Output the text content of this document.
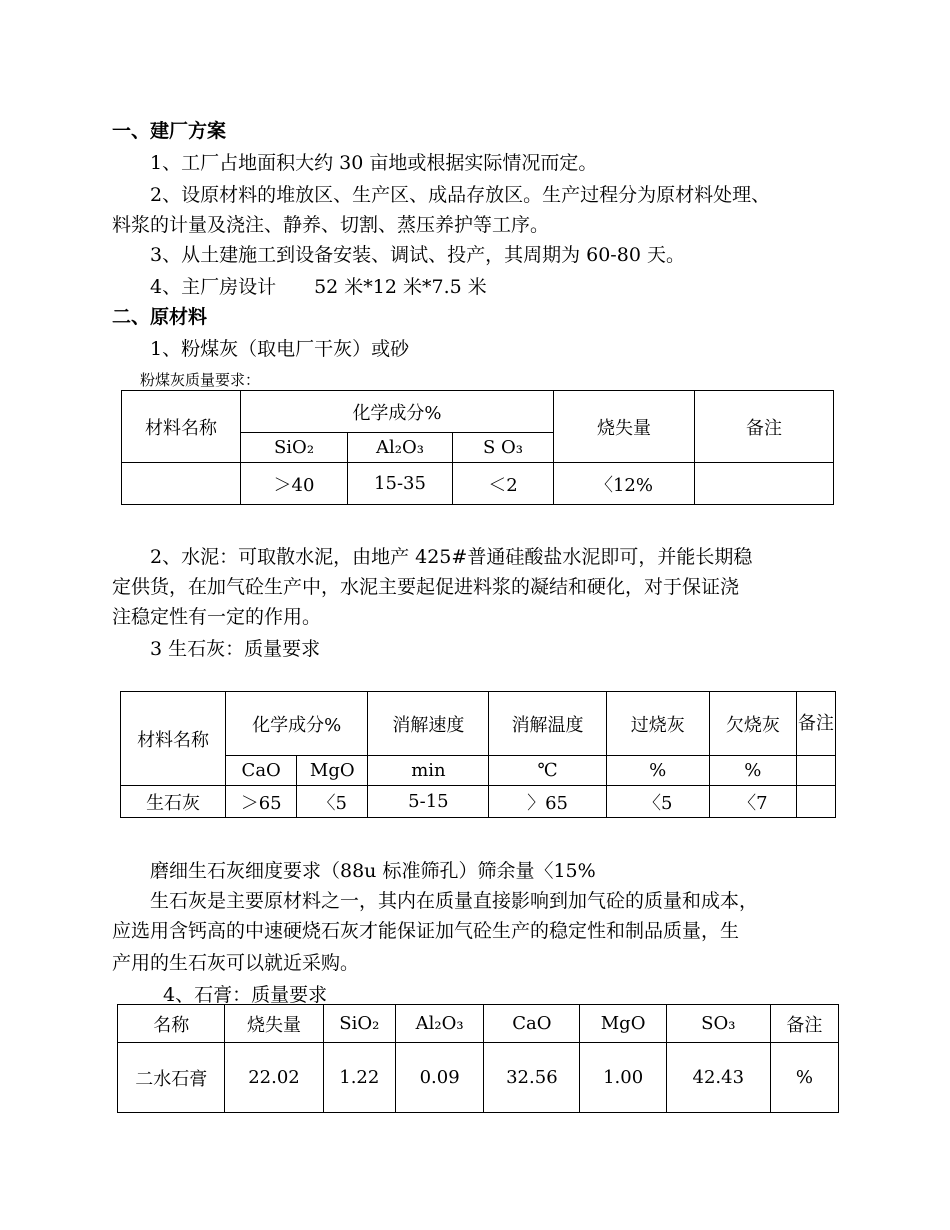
一、建厂方案
1、工厂占地面积大约 30 亩地或根据实际情况而定。
2、设原材料的堆放区、生产区、成品存放区。生产过程分为原材料处理、
料浆的计量及浇注、静养、切割、蒸压养护等工序。
3、从土建施工到设备安装、调试、投产，其周期为 60-80 天。
4、主厂房设计　　52 米*12 米*7.5 米
二、原材料
1、粉煤灰（取电厂干灰）或砂
粉煤灰质量要求：
材料名称	化学成分%			烧失量	备注
	SiO₂	Al₂O₃	S O₃		
	＞40	15-35	＜2	〈12%	
2、水泥：可取散水泥，由地产 425#普通硅酸盐水泥即可，并能长期稳
定供货，在加气砼生产中，水泥主要起促进料浆的凝结和硬化，对于保证浇
注稳定性有一定的作用。
3 生石灰：质量要求
材料名称	化学成分%		消解速度	消解温度	过烧灰	欠烧灰	备注
	CaO	MgO	min	℃	%	%	
生石灰	＞65	〈5	5-15	〉65	〈5	〈7	
磨细生石灰细度要求（88u 标准筛孔）筛余量〈15%
生石灰是主要原材料之一，其内在质量直接影响到加气砼的质量和成本，
应选用含钙高的中速硬烧石灰才能保证加气砼生产的稳定性和制品质量，生
产用的生石灰可以就近采购。
4、石膏：质量要求
名称	烧失量	SiO₂	Al₂O₃	CaO	MgO	SO₃	备注
二水石膏	22.02	1.22	0.09	32.56	1.00	42.43	%
